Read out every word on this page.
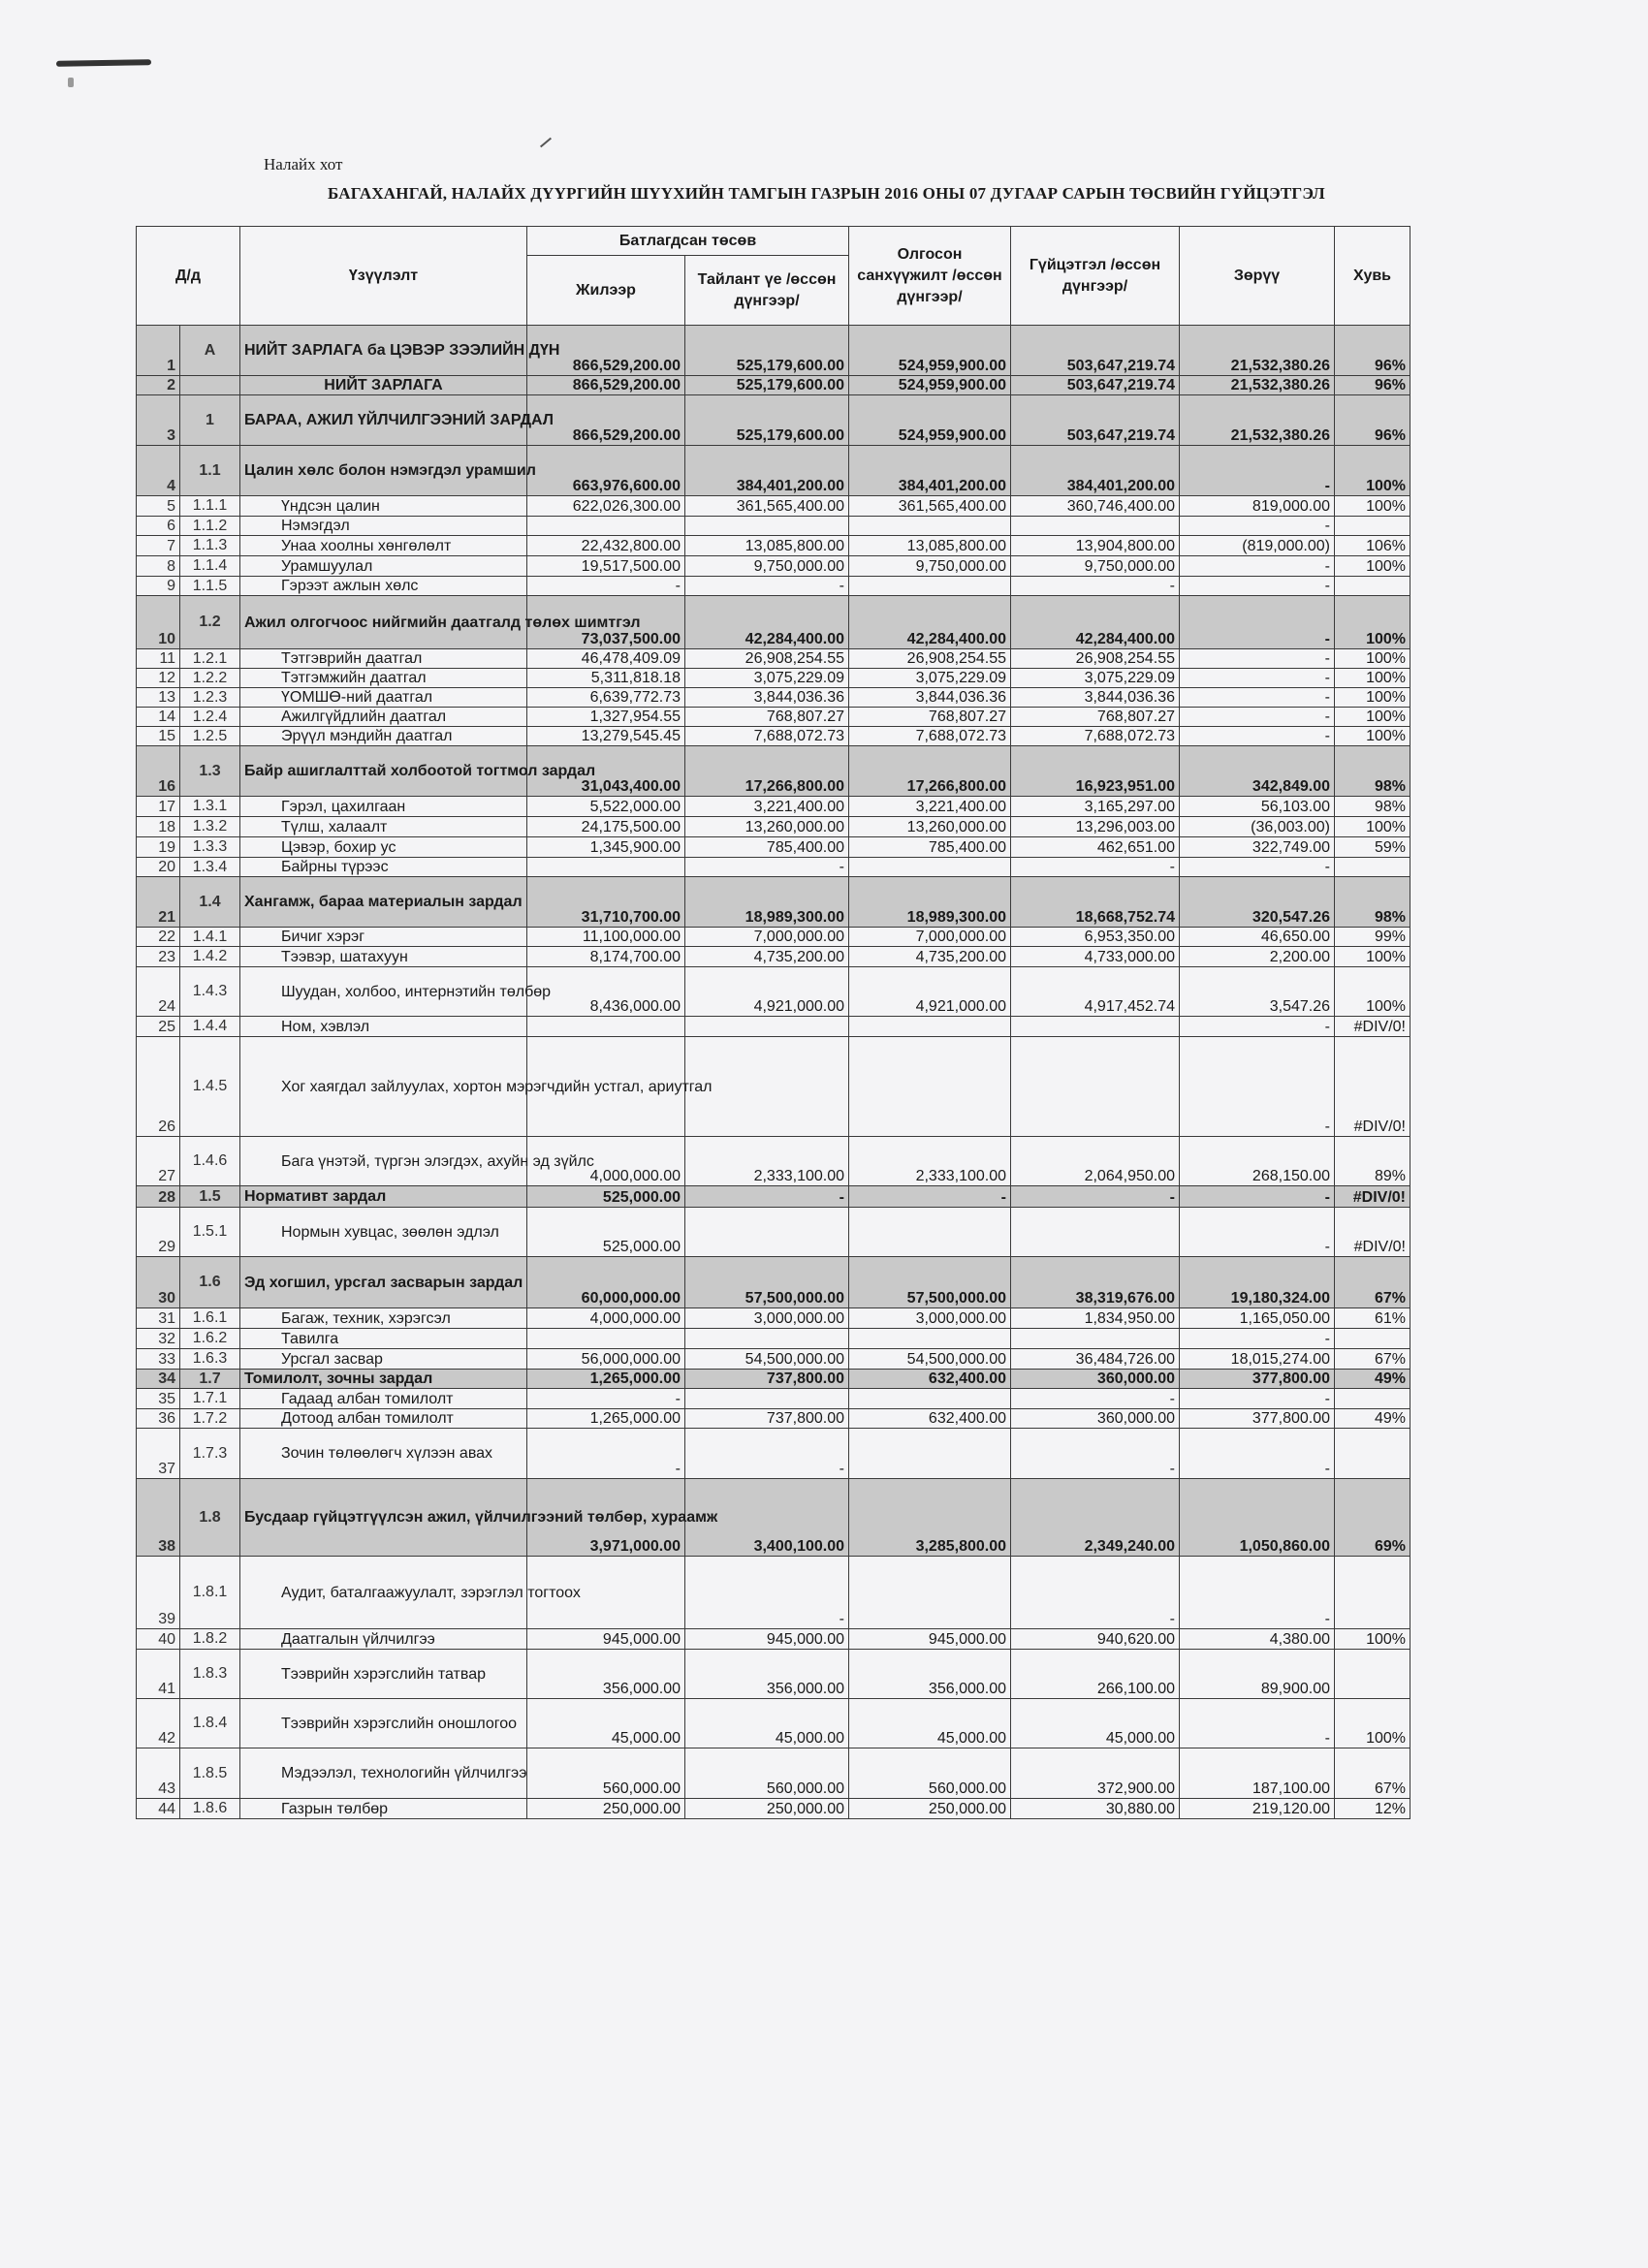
Налайх хот
БАГАХАНГАЙ, НАЛАЙХ ДҮҮРГИЙН ШҮҮХИЙН ТАМГЫН ГАЗРЫН 2016 ОНЫ 07 ДУГААР САРЫН ТӨСВИЙН ГҮЙЦЭТГЭЛ
Д/д		Үзүүлэлт	Батлагдсан төсөв		Олгосон санхүүжилт /өссөн дүнгээр/	Гүйцэтгэл /өссөн дүнгээр/	Зөрүү	Хувь
			Жилээр	Тайлант үе /өссөн дүнгээр/				
1	А	НИЙТ ЗАРЛАГА ба ЦЭВЭР ЗЭЭЛИЙН ДҮН	866,529,200.00	525,179,600.00	524,959,900.00	503,647,219.74	21,532,380.26	96%
2		НИЙТ ЗАРЛАГА	866,529,200.00	525,179,600.00	524,959,900.00	503,647,219.74	21,532,380.26	96%
3	1	БАРАА, АЖИЛ ҮЙЛЧИЛГЭЭНИЙ ЗАРДАЛ	866,529,200.00	525,179,600.00	524,959,900.00	503,647,219.74	21,532,380.26	96%
4	1.1	Цалин хөлс болон нэмэгдэл урамшил	663,976,600.00	384,401,200.00	384,401,200.00	384,401,200.00	-	100%
5	1.1.1	Үндсэн цалин	622,026,300.00	361,565,400.00	361,565,400.00	360,746,400.00	819,000.00	100%
6	1.1.2	Нэмэгдэл					-	
7	1.1.3	Унаа хоолны хөнгөлөлт	22,432,800.00	13,085,800.00	13,085,800.00	13,904,800.00	(819,000.00)	106%
8	1.1.4	Урамшуулал	19,517,500.00	9,750,000.00	9,750,000.00	9,750,000.00	-	100%
9	1.1.5	Гэрээт ажлын хөлс	-	-		-	-	
10	1.2	Ажил олгогчоос нийгмийн даатгалд төлөх шимтгэл	73,037,500.00	42,284,400.00	42,284,400.00	42,284,400.00	-	100%
11	1.2.1	Тэтгэврийн даатгал	46,478,409.09	26,908,254.55	26,908,254.55	26,908,254.55	-	100%
12	1.2.2	Тэтгэмжийн даатгал	5,311,818.18	3,075,229.09	3,075,229.09	3,075,229.09	-	100%
13	1.2.3	ҮОМШӨ-ний даатгал	6,639,772.73	3,844,036.36	3,844,036.36	3,844,036.36	-	100%
14	1.2.4	Ажилгүйдлийн даатгал	1,327,954.55	768,807.27	768,807.27	768,807.27	-	100%
15	1.2.5	Эрүүл мэндийн даатгал	13,279,545.45	7,688,072.73	7,688,072.73	7,688,072.73	-	100%
16	1.3	Байр ашиглалттай холбоотой тогтмол зардал	31,043,400.00	17,266,800.00	17,266,800.00	16,923,951.00	342,849.00	98%
17	1.3.1	Гэрэл, цахилгаан	5,522,000.00	3,221,400.00	3,221,400.00	3,165,297.00	56,103.00	98%
18	1.3.2	Түлш, халаалт	24,175,500.00	13,260,000.00	13,260,000.00	13,296,003.00	(36,003.00)	100%
19	1.3.3	Цэвэр, бохир ус	1,345,900.00	785,400.00	785,400.00	462,651.00	322,749.00	59%
20	1.3.4	Байрны түрээс		-		-	-	
21	1.4	Хангамж, бараа материалын зардал	31,710,700.00	18,989,300.00	18,989,300.00	18,668,752.74	320,547.26	98%
22	1.4.1	Бичиг хэрэг	11,100,000.00	7,000,000.00	7,000,000.00	6,953,350.00	46,650.00	99%
23	1.4.2	Тээвэр, шатахуун	8,174,700.00	4,735,200.00	4,735,200.00	4,733,000.00	2,200.00	100%
24	1.4.3	Шуудан, холбоо, интернэтийн төлбөр	8,436,000.00	4,921,000.00	4,921,000.00	4,917,452.74	3,547.26	100%
25	1.4.4	Ном, хэвлэл					-	#DIV/0!
26	1.4.5	Хог хаягдал зайлуулах, хортон мэрэгчдийн устгал, ариутгал					-	#DIV/0!
27	1.4.6	Бага үнэтэй, түргэн элэгдэх, ахуйн эд зүйлс	4,000,000.00	2,333,100.00	2,333,100.00	2,064,950.00	268,150.00	89%
28	1.5	Нормативт зардал	525,000.00	-	-	-	-	#DIV/0!
29	1.5.1	Нормын хувцас, зөөлөн эдлэл	525,000.00				-	#DIV/0!
30	1.6	Эд хогшил, урсгал засварын зардал	60,000,000.00	57,500,000.00	57,500,000.00	38,319,676.00	19,180,324.00	67%
31	1.6.1	Багаж, техник, хэрэгсэл	4,000,000.00	3,000,000.00	3,000,000.00	1,834,950.00	1,165,050.00	61%
32	1.6.2	Тавилга					-	
33	1.6.3	Урсгал засвар	56,000,000.00	54,500,000.00	54,500,000.00	36,484,726.00	18,015,274.00	67%
34	1.7	Томилолт, зочны зардал	1,265,000.00	737,800.00	632,400.00	360,000.00	377,800.00	49%
35	1.7.1	Гадаад албан томилолт	-			-	-	
36	1.7.2	Дотоод албан томилолт	1,265,000.00	737,800.00	632,400.00	360,000.00	377,800.00	49%
37	1.7.3	Зочин төлөөлөгч хүлээн авах	-	-		-	-	
38	1.8	Бусдаар гүйцэтгүүлсэн ажил, үйлчилгээний төлбөр, хураамж	3,971,000.00	3,400,100.00	3,285,800.00	2,349,240.00	1,050,860.00	69%
39	1.8.1	Аудит, баталгаажуулалт, зэрэглэл тогтоох		-		-	-	
40	1.8.2	Даатгалын үйлчилгээ	945,000.00	945,000.00	945,000.00	940,620.00	4,380.00	100%
41	1.8.3	Тээврийн хэрэгслийн татвар	356,000.00	356,000.00	356,000.00	266,100.00	89,900.00	
42	1.8.4	Тээврийн хэрэгслийн оношлогоо	45,000.00	45,000.00	45,000.00	45,000.00	-	100%
43	1.8.5	Мэдээлэл, технологийн үйлчилгээ	560,000.00	560,000.00	560,000.00	372,900.00	187,100.00	67%
44	1.8.6	Газрын төлбөр	250,000.00	250,000.00	250,000.00	30,880.00	219,120.00	12%
